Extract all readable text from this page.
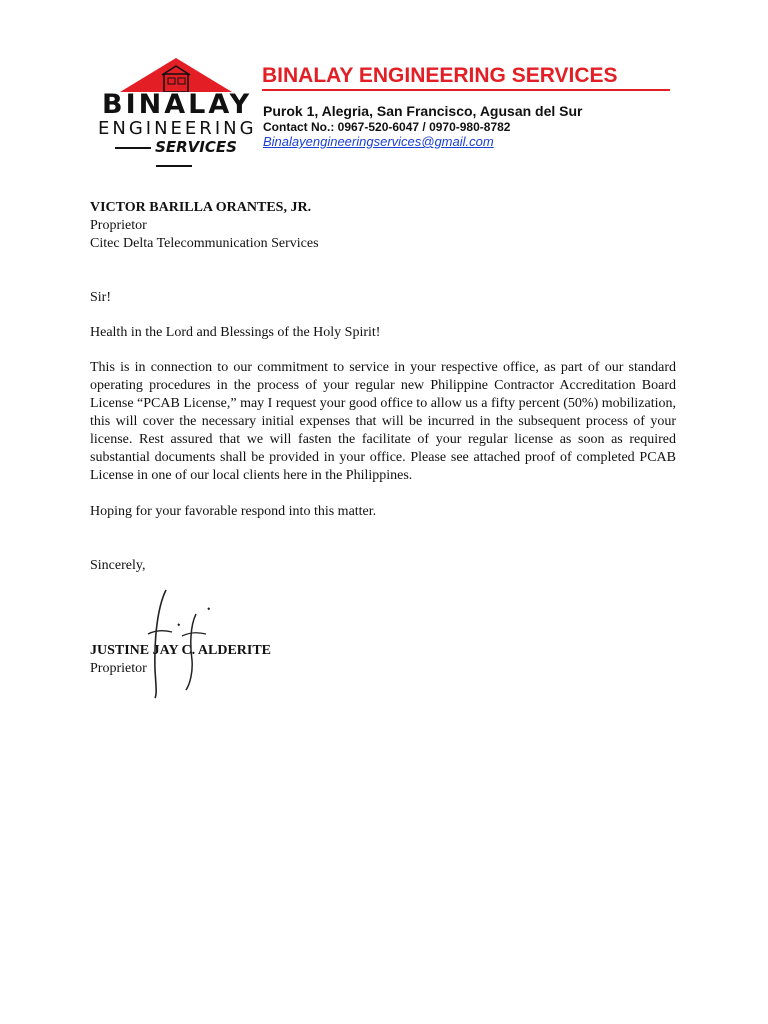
BINALAY
ENGINEERING
SERVICES
BINALAY ENGINEERING SERVICES
Purok 1, Alegria, San Francisco, Agusan del Sur
Contact No.: 0967-520-6047 / 0970-980-8782
Binalayengineeringservices@gmail.com
VICTOR BARILLA ORANTES, JR.
Proprietor
Citec Delta Telecommunication Services
Sir!
Health in the Lord and Blessings of the Holy Spirit!
This is in connection to our commitment to service in your respective office, as part of our standard operating procedures in the process of your regular new Philippine Contractor Accreditation Board License “PCAB License,” may I request your good office to allow us a fifty percent (50%) mobilization, this will cover the necessary initial expenses that will be incurred in the subsequent process of your license. Rest assured that we will fasten the facilitate of your regular license as soon as required substantial documents shall be provided in your office. Please see attached proof of completed PCAB License in one of our local clients here in the Philippines.
Hoping for your favorable respond into this matter.
Sincerely,
JUSTINE JAY C. ALDERITE
Proprietor
